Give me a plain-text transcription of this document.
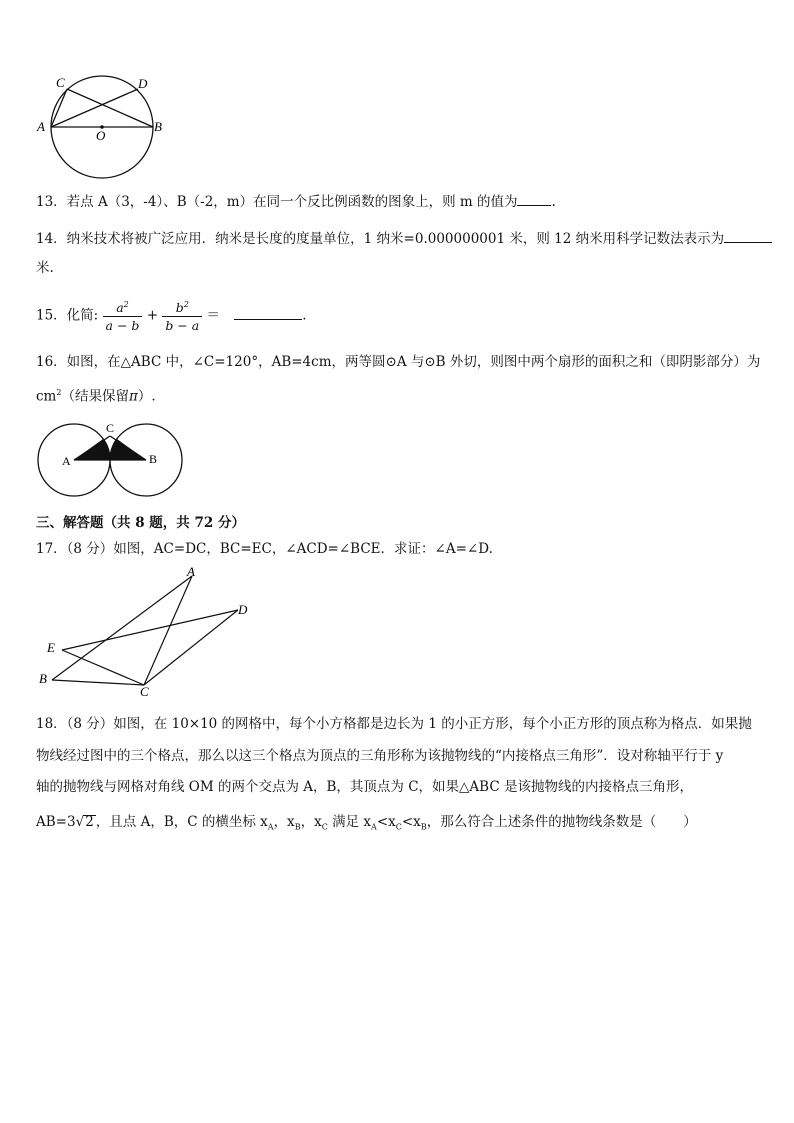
C	D
A	B
O
13．若点 A（3，-4）、B（-2，m）在同一个反比例函数的图象上，则 m 的值为	.
14．纳米技术将被广泛应用．纳米是长度的度量单位，1 纳米=0.000000001 米，则 12 纳米用科学记数法表示为
米.
15．化简: $\frac{a^2}{a - b} + \frac{b^2}{b - a}$ ＝	.
16．如图，在△ABC 中，∠C=120°，AB=4cm，两等圆⊙A 与⊙B 外切，则图中两个扇形的面积之和（即阴影部分）为
$cm^2$（结果保留π）.
C
A	B
三、解答题（共 8 题，共 72 分）
17．（8 分）如图，AC=DC，BC=EC，∠ACD=∠BCE．求证：∠A=∠D.
A
D
E
B
C
18．（8 分）如图，在 10×10 的网格中，每个小方格都是边长为 1 的小正方形，每个小正方形的顶点称为格点．如果抛
物线经过图中的三个格点，那么以这三个格点为顶点的三角形称为该抛物线的“内接格点三角形”．设对称轴平行于 y
轴的抛物线与网格对角线 OM 的两个交点为 A，B，其顶点为 C，如果△ABC 是该抛物线的内接格点三角形，
AB=3√2 ，且点 A，B，C 的横坐标 $x_A$，$x_B$，$x_C$ 满足 $x_A<x_C<x_B$，那么符合上述条件的抛物线条数是（　　）
